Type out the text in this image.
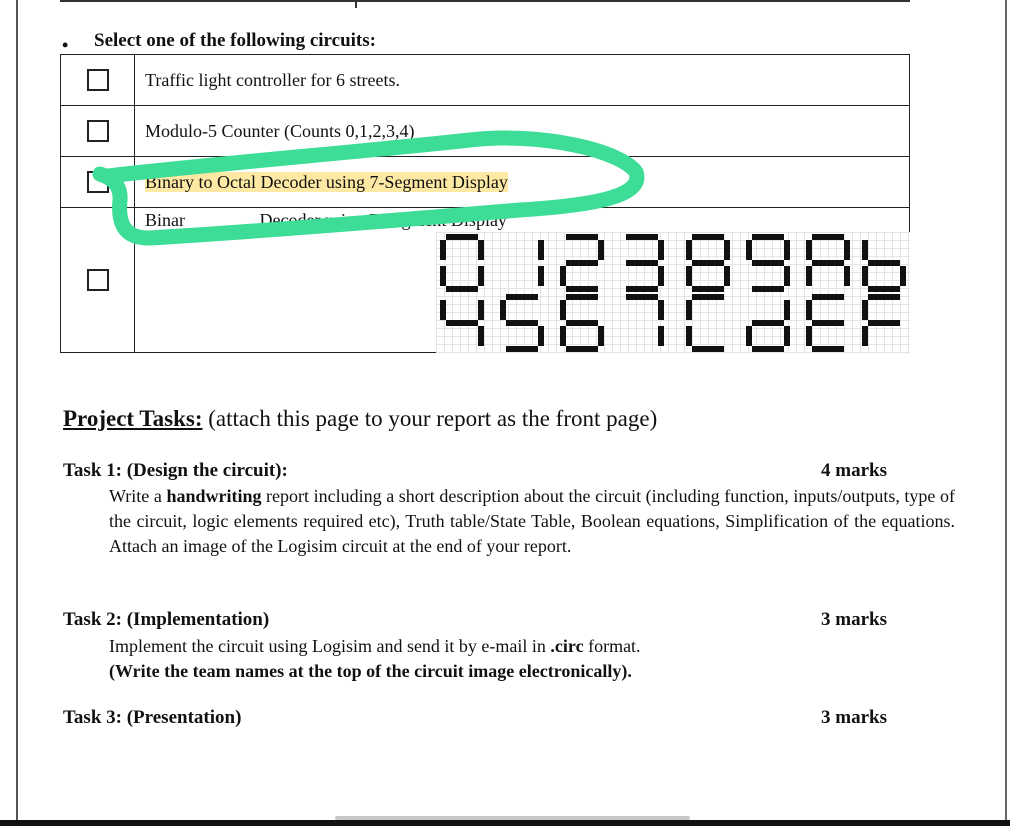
• Select one of the following circuits:
	Traffic light controller for 6 streets.
	Modulo-5 Counter (Counts 0,1,2,3,4)
	Binary to Octal Decoder using 7-Segment Display

	Binar Decoder using 7-Segment Display
Project Tasks: (attach this page to your report as the front page)
Task 1: (Design the circuit):	4 marks
Write a handwriting report including a short description about the circuit (including function, inputs/outputs, type of the circuit, logic elements required etc), Truth table/State Table, Boolean equations, Simplification of the equations. Attach an image of the Logisim circuit at the end of your report.
Task 2: (Implementation)	3 marks
Implement the circuit using Logisim and send it by e-mail in .circ format.
(Write the team names at the top of the circuit image electronically).
Task 3: (Presentation)	3 marks
